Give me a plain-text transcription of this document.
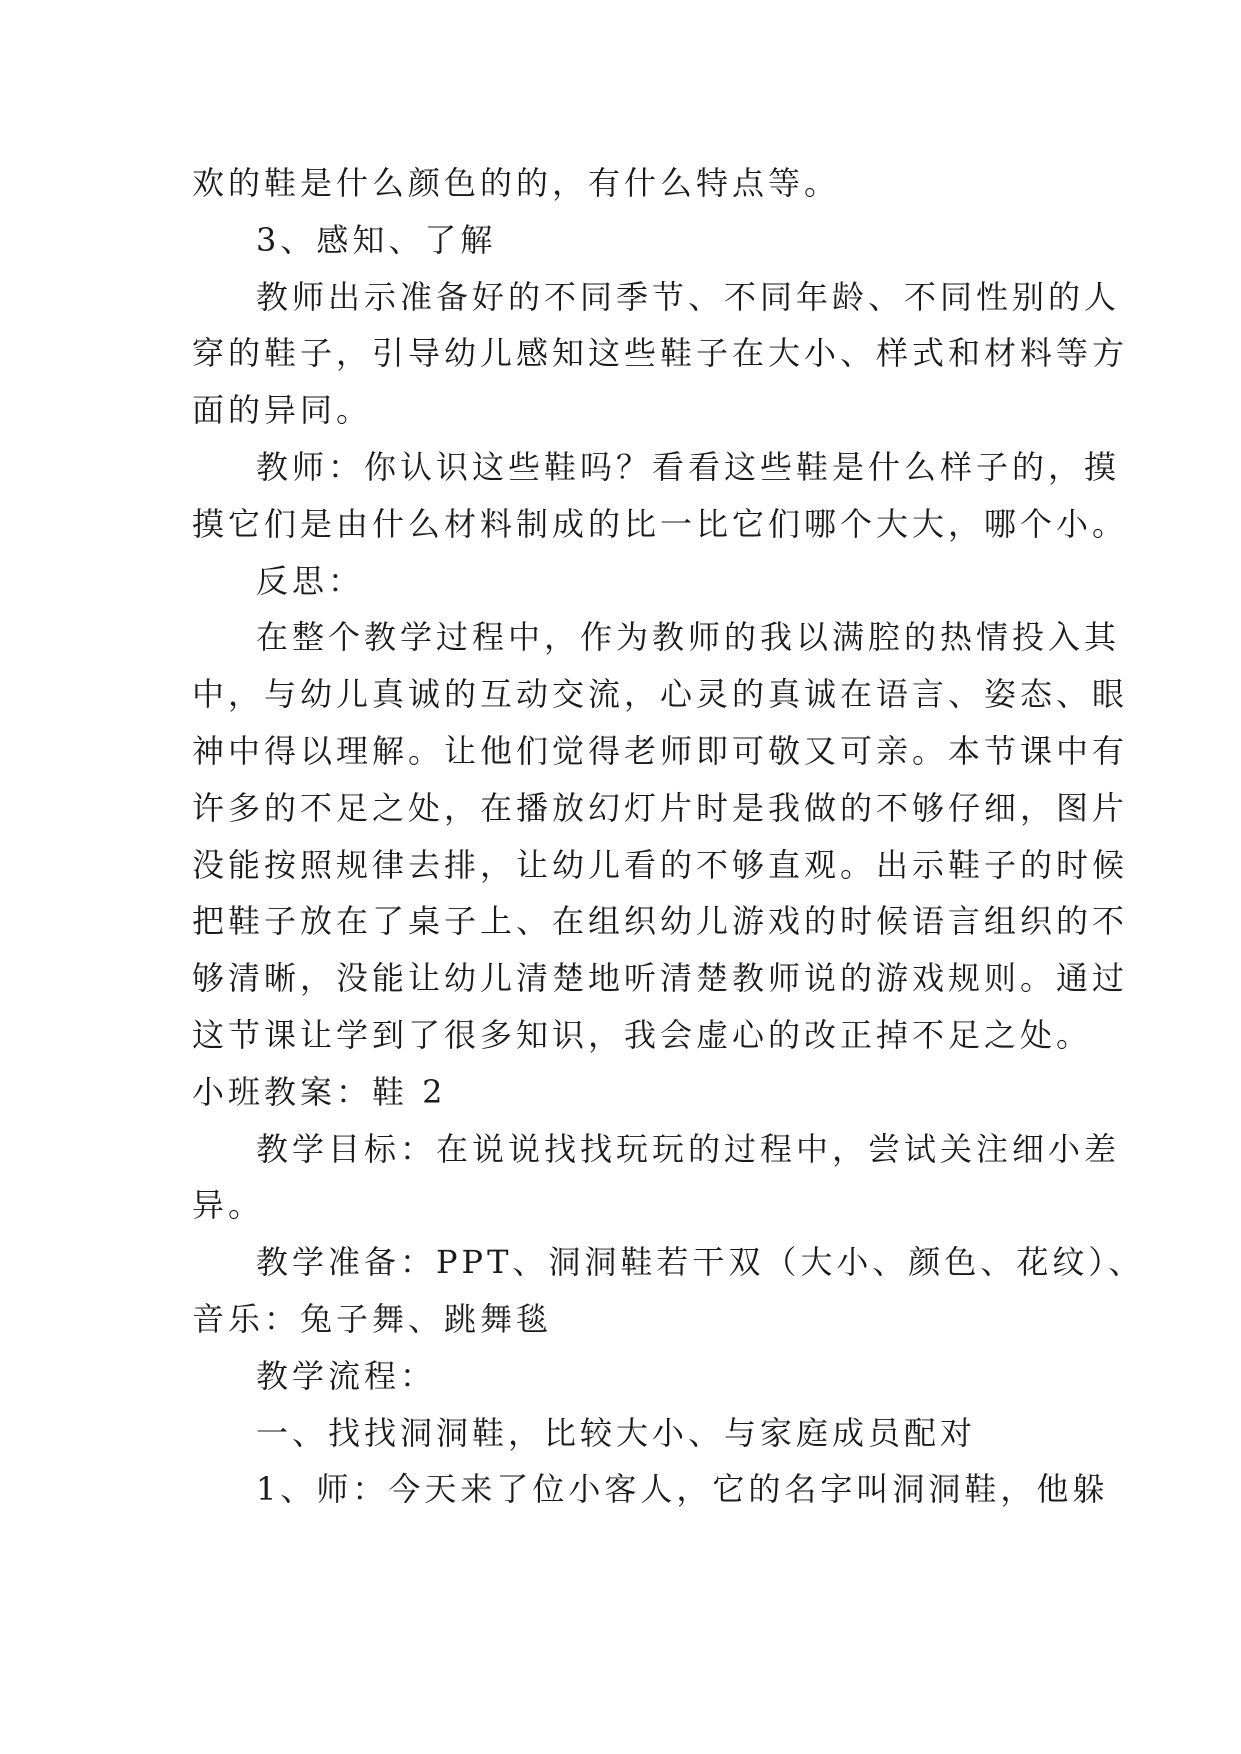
欢的鞋是什么颜色的的，有什么特点等。
3、感知、了解
教师出示准备好的不同季节、不同年龄、不同性别的人
穿的鞋子，引导幼儿感知这些鞋子在大小、样式和材料等方
面的异同。
教师：你认识这些鞋吗？看看这些鞋是什么样子的，摸
摸它们是由什么材料制成的比一比它们哪个大大，哪个小。
反思：
在整个教学过程中，作为教师的我以满腔的热情投入其
中，与幼儿真诚的互动交流，心灵的真诚在语言、姿态、眼
神中得以理解。让他们觉得老师即可敬又可亲。本节课中有
许多的不足之处，在播放幻灯片时是我做的不够仔细，图片
没能按照规律去排，让幼儿看的不够直观。出示鞋子的时候
把鞋子放在了桌子上、在组织幼儿游戏的时候语言组织的不
够清晰，没能让幼儿清楚地听清楚教师说的游戏规则。通过
这节课让学到了很多知识，我会虚心的改正掉不足之处。
小班教案：鞋 2
教学目标：在说说找找玩玩的过程中，尝试关注细小差
异。
教学准备：PPT、洞洞鞋若干双（大小、颜色、花纹）、
音乐：兔子舞、跳舞毯
教学流程：
一、找找洞洞鞋，比较大小、与家庭成员配对
1、师：今天来了位小客人，它的名字叫洞洞鞋，他躲
